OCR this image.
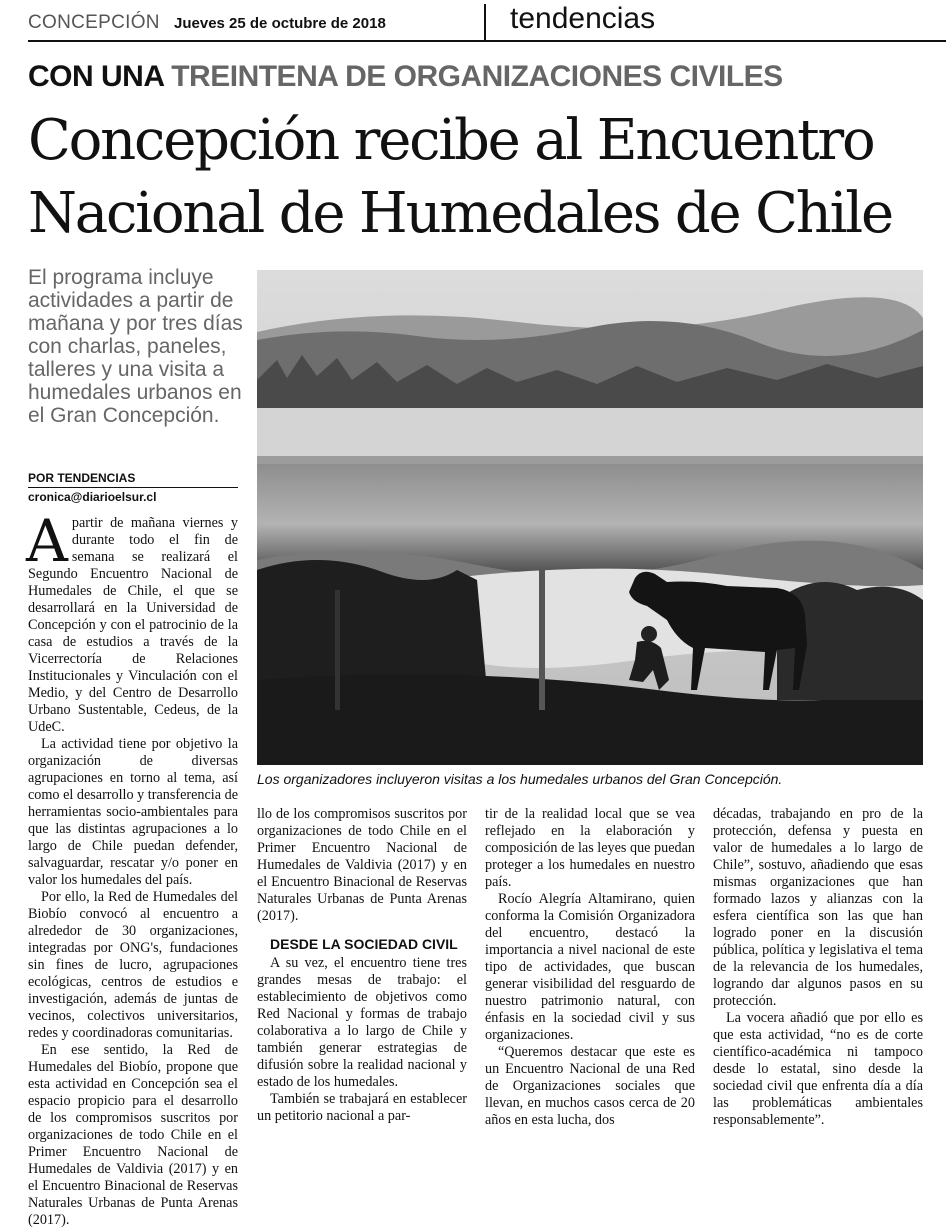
CONCEPCIÓN Jueves 25 de octubre de 2018	tendencias
CON UNA TREINTENA DE ORGANIZACIONES CIVILES
Concepción recibe al Encuentro
Nacional de Humedales de Chile
El programa incluye actividades a partir de mañana y por tres días con charlas, paneles, talleres y una visita a humedales urbanos en el Gran Concepción.
POR TENDENCIAS
cronica@diarioelsur.cl
Los organizadores incluyeron visitas a los humedales urbanos del Gran Concepción.

Apartir de mañana viernes y durante todo el fin de semana se realizará el Segundo Encuentro Nacional de Humedales de Chile, el que se desarrollará en la Universidad de Concepción y con el patrocinio de la casa de estudios a través de la Vicerrectoría de Relaciones Institucionales y Vinculación con el Medio, y del Centro de Desarrollo Urbano Sustentable, Cedeus, de la UdeC.

La actividad tiene por objetivo la organización de diversas agrupaciones en torno al tema, así como el desarrollo y transferencia de herramientas socio-ambientales para que las distintas agrupaciones a lo largo de Chile puedan defender, salvaguardar, rescatar y/o poner en valor los humedales del país.

Por ello, la Red de Humedales del Biobío convocó al encuentro a alrededor de 30 organizaciones, integradas por ONG's, fundaciones sin fines de lucro, agrupaciones ecológicas, centros de estudios e investigación, además de juntas de vecinos, colectivos universitarios, redes y coordinadoras comunitarias.

En ese sentido, la Red de Humedales del Biobío, propone que esta actividad en Concepción sea el espacio propicio para el desarrollo de los compromisos suscritos por organizaciones de todo Chile en el Primer Encuentro Nacional de Humedales de Valdivia (2017) y en el Encuentro Binacional de Reservas Naturales Urbanas de Punta Arenas (2017).

llo de los compromisos suscritos por organizaciones de todo Chile en el Primer Encuentro Nacional de Humedales de Valdivia (2017) y en el Encuentro Binacional de Reservas Naturales Urbanas de Punta Arenas (2017).

DESDE LA SOCIEDAD CIVIL

A su vez, el encuentro tiene tres grandes mesas de trabajo: el establecimiento de objetivos como Red Nacional y formas de trabajo colaborativa a lo largo de Chile y también generar estrategias de difusión sobre la realidad nacional y estado de los humedales.

También se trabajará en establecer un petitorio nacional a par-

tir de la realidad local que se vea reflejado en la elaboración y composición de las leyes que puedan proteger a los humedales en nuestro país.

Rocío Alegría Altamirano, quien conforma la Comisión Organizadora del encuentro, destacó la importancia a nivel nacional de este tipo de actividades, que buscan generar visibilidad del resguardo de nuestro patrimonio natural, con énfasis en la sociedad civil y sus organizaciones.

“Queremos destacar que este es un Encuentro Nacional de una Red de Organizaciones sociales que llevan, en muchos casos cerca de 20 años en esta lucha, dos

décadas, trabajando en pro de la protección, defensa y puesta en valor de humedales a lo largo de Chile”, sostuvo, añadiendo que esas mismas organizaciones que han formado lazos y alianzas con la esfera científica son las que han logrado poner en la discusión pública, política y legislativa el tema de la relevancia de los humedales, logrando dar algunos pasos en su protección.

La vocera añadió que por ello es que esta actividad, “no es de corte científico-académica ni tampoco desde lo estatal, sino desde la sociedad civil que enfrenta día a día las problemáticas ambientales responsablemente”.
